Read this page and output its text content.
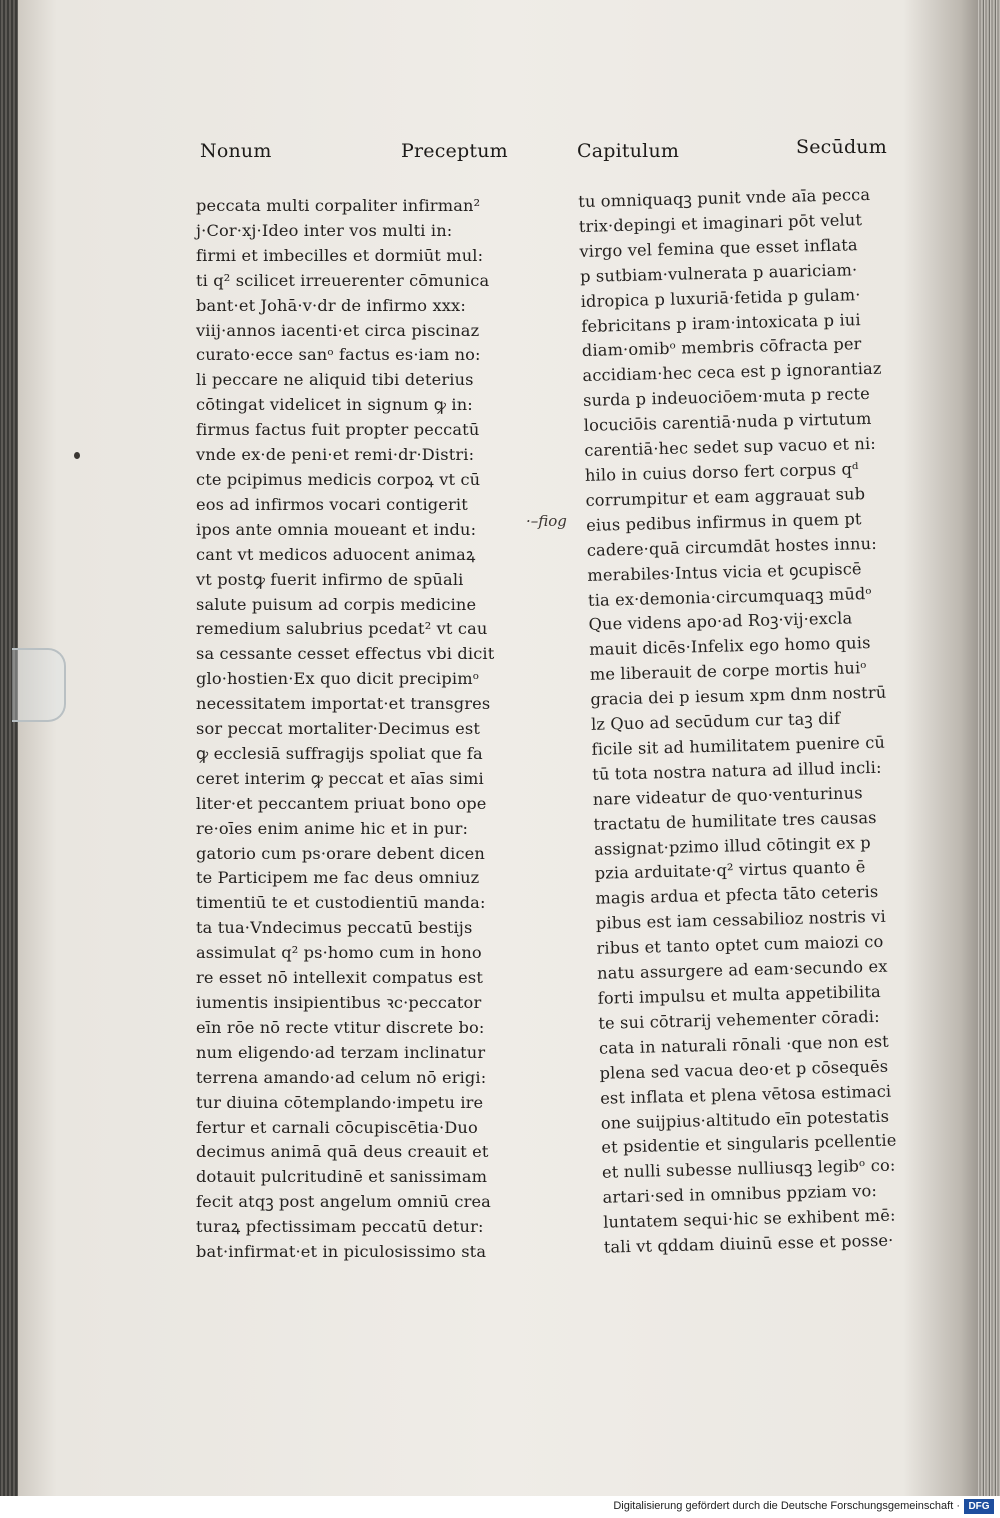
Nonum	Preceptum	Capitulum	Secūdum
peccata multi corpaliter infirman²
j·Cor·xj·Ideo inter vos multi in:
firmi et imbecilles et dormiūt mul:
ti q² scilicet irreuerenter cōmunica
bant·et Johā·v·dr de infirmo xxx:
viij·annos iacenti·et circa piscinaz
curato·ecce sanᵒ factus es·iam no:
li peccare ne aliquid tibi deterius
cōtingat videlicet in signum ꝙ in:
firmus factus fuit propter peccatū
vnde ex·de peni·et remi·dr·Distri:
cte pcipimus medicis corpoꝝ vt cū
eos ad infirmos vocari contigerit
ipos ante omnia moueant et indu:
cant vt medicos aduocent animaꝝ
vt postꝙ fuerit infirmo de spūali
salute puisum ad corpis medicine
remedium salubrius pcedat² vt cau
sa cessante cesset effectus vbi dicit
glo·hostien·Ex quo dicit precipimᵒ
necessitatem importat·et transgres
sor peccat mortaliter·Decimus est
ꝙ ecclesiā suffragijs spoliat que fa
ceret interim ꝙ peccat et aīas simi
liter·et peccantem priuat bono ope
re·oīes enim anime hic et in pur:
gatorio cum ps·orare debent dicen
te Participem me fac deus omniuz
timentiū te et custodientiū manda:
ta tua·Vndecimus peccatū bestijs
assimulat q² ps·homo cum in hono
re esset nō intellexit compatus est
iumentis insipientibus ꝛc·peccator
eīn rōe nō recte vtitur discrete bo:
num eligendo·ad terzam inclinatur
terrena amando·ad celum nō erigi:
tur diuina cōtemplando·impetu ire
fertur et carnali cōcupiscētia·Duo
decimus animā quā deus creauit et
dotauit pulcritudinē et sanissimam
fecit atqꝫ post angelum omniū crea
turaꝝ pfectissimam peccatū detur:
bat·infirmat·et in piculosissimo sta
tu omniquaqꝫ punit vnde aīa pecca
trix·depingi et imaginari pōt velut
virgo vel femina que esset inflata
p sutbiam·vulnerata p auariciam·
idropica p luxuriā·fetida p gulam·
febricitans p iram·intoxicata p iui
diam·omibᵒ membris cōfracta per
accidiam·hec ceca est p ignorantiaz
surda p indeuociōem·muta p recte
locuciōis carentiā·nuda p virtutum
carentiā·hec sedet sup vacuo et ni:
hilo in cuius dorso fert corpus qᵈ
corrumpitur et eam aggrauat sub
eius pedibus infirmus in quem pt
cadere·quā circumdāt hostes innu:
merabiles·Intus vicia et ꝯcupiscē
tia ex·demonia·circumquaqꝫ mūdᵒ
Que videns apo·ad Roꝫ·vij·excla
mauit dicēs·Infelix ego homo quis
me liberauit de corpe mortis huiᵒ
gracia dei p iesum xpm dnm nostrū
lz Quo ad secūdum cur taꝫ dif
ficile sit ad humilitatem puenire cū
tū tota nostra natura ad illud incli:
nare videatur de quo·venturinus
tractatu de humilitate tres causas
assignat·pzimo illud cōtingit ex p
pzia arduitate·q² virtus quanto ē
magis ardua et pfecta tāto ceteris
pibus est iam cessabilioz nostris vi
ribus et tanto optet cum maiozi co
natu assurgere ad eam·secundo ex
forti impulsu et multa appetibilita
te sui cōtrarij vehementer cōradi:
cata in naturali rōnali ·que non est
plena sed vacua deo·et p cōsequēs
est inflata et plena vētosa estimaci
one suijpius·altitudo eīn potestatis
et psidentie et singularis pcellentie
et nulli subesse nulliusqꝫ legibᵒ co:
artari·sed in omnibus ppziam vo:
luntatem sequi·hic se exhibent mē:
tali vt qddam diuinū esse et posse·
·–fiog
Digitalisierung gefördert durch die Deutsche Forschungsgemeinschaft · DFG
